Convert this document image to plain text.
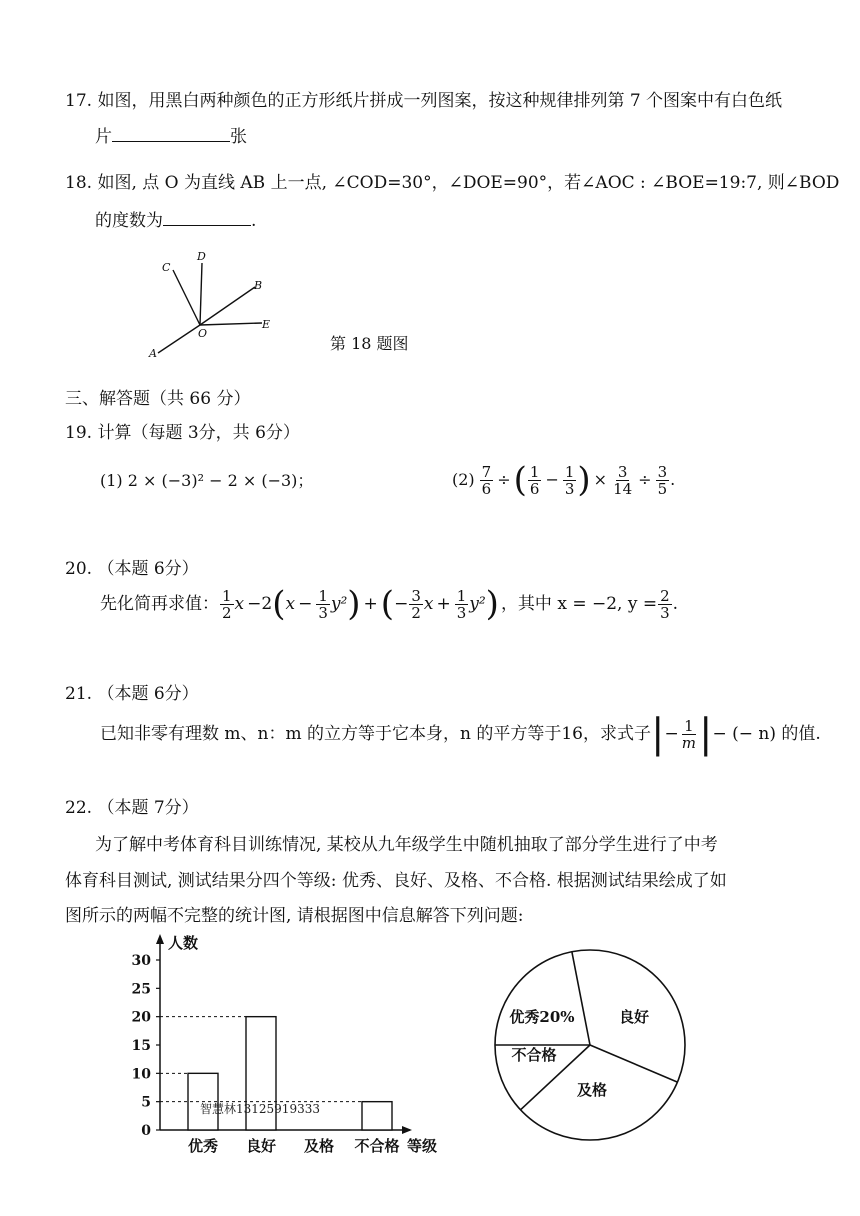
17. 如图，用黑白两种颜色的正方形纸片拼成一列图案，按这种规律排列第 7 个图案中有白色纸
片	张
18. 如图, 点 O 为直线 AB 上一点, ∠COD=30°，∠DOE=90°，若∠AOC : ∠BOE=19:7, 则∠BOD
的度数为	.
A
B
C
D
E
O
第 18 题图
三、解答题（共 66 分）
19. 计算（每题 3分，共 6分）
(1) 2 × (−3)² − 2 × (−3)；	$(2) \frac{7}{6}$ ÷ ( $\frac{1}{6} - \frac{1}{3}$ ) × $\frac{3}{14} \div \frac{3}{5}$ .
20. （本题 6分）
先化简再求值： $\frac{1}{2}$ x −2 ( $x - \frac{1}{3} y^2$ ) + ( − $\frac{3}{2}$ $x + \frac{1}{3} y^2$ ) ，其中 x = −2, $y = \frac{2}{3}$ .
21. （本题 6分）
已知非零有理数 m、n：m 的立方等于它本身，n 的平方等于16，求式子 | − $\frac{1}{m}$ | − (− n) 的值.
22. （本题 7分）
为了解中考体育科目训练情况, 某校从九年级学生中随机抽取了部分学生进行了中考
体育科目测试, 测试结果分四个等级: 优秀、良好、及格、不合格. 根据测试结果绘成了如
图所示的两幅不完整的统计图, 请根据图中信息解答下列问题:
人数
0
5
10
15
20
25
30
优秀 良好 及格 不合格 等级
智慧林13125919333
优秀20%	良好
不合格
及格
